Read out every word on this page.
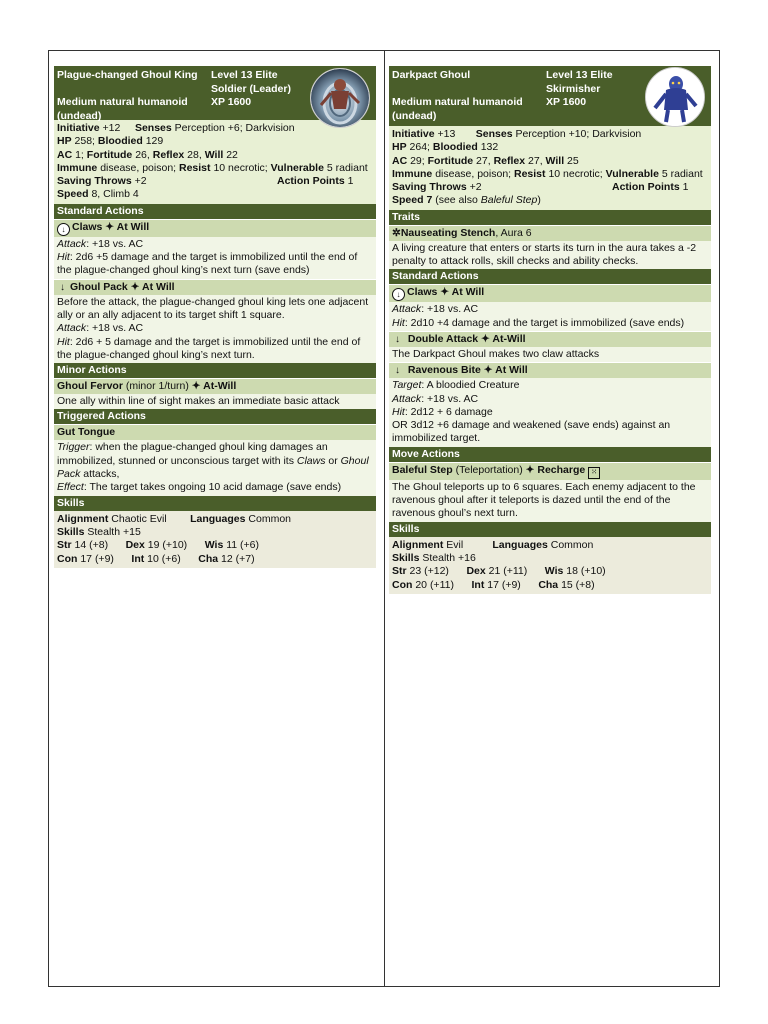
Plague-changed Ghoul King

Medium natural humanoid
(undead)
Level 13 Elite
Soldier (Leader)
XP 1600
Initiative +12 Senses Perception +6; Darkvision
HP 258; Bloodied 129
AC 1; Fortitude 26, Reflex 28, Will 22
Immune disease, poison; Resist 10 necrotic; Vulnerable 5 radiant
Saving Throws +2	Action Points 1
Speed 8, Climb 4
Standard Actions
↓ Claws ✦ At Will
Attack: +18 vs. AC
Hit: 2d6 +5 damage and the target is immobilized until the end of the plague-changed ghoul king’s next turn (save ends)
↓ Ghoul Pack ✦ At Will
Before the attack, the plague-changed ghoul king lets one adjacent ally or an ally adjacent to its target shift 1 square.
Attack: +18 vs. AC
Hit: 2d6 + 5 damage and the target is immobilized until the end of the plague-changed ghoul king’s next turn.
Minor Actions
Ghoul Fervor (minor 1/turn) ✦ At-Will
One ally within line of sight makes an immediate basic attack
Triggered Actions
Gut Tongue
Trigger: when the plague-changed ghoul king damages an immobilized, stunned or unconscious target with its Claws or Ghoul Pack attacks,
Effect: The target takes ongoing 10 acid damage (save ends)
Skills
Alignment Chaotic Evil Languages Common
Skills Stealth +15
Str 14 (+8) Dex 19 (+10) Wis 11 (+6)
Con 17 (+9) Int 10 (+6) Cha 12 (+7)
Darkpact Ghoul

Medium natural humanoid
(undead)
Level 13 Elite
Skirmisher
XP 1600
Initiative +13 Senses Perception +10; Darkvision
HP 264; Bloodied 132
AC 29; Fortitude 27, Reflex 27, Will 25
Immune disease, poison; Resist 10 necrotic; Vulnerable 5 radiant
Saving Throws +2	Action Points 1
Speed 7 (see also Baleful Step)
Traits
✲Nauseating Stench, Aura 6
A living creature that enters or starts its turn in the aura takes a -2 penalty to attack rolls, skill checks and ability checks.
Standard Actions
↓ Claws ✦ At Will
Attack: +18 vs. AC
Hit: 2d10 +4 damage and the target is immobilized (save ends)
↓ Double Attack ✦ At-Will
The Darkpact Ghoul makes two claw attacks
↓ Ravenous Bite ✦ At Will
Target: A bloodied Creature
Attack: +18 vs. AC
Hit: 2d12 + 6 damage
OR 3d12 +6 damage and weakened (save ends) against an immobilized target.
Move Actions
Baleful Step (Teleportation) ✦ Recharge ⁙
The Ghoul teleports up to 6 squares. Each enemy adjacent to the ravenous ghoul after it teleports is dazed until the end of the ravenous ghoul’s next turn.
Skills
Alignment Evil	Languages Common
Skills Stealth +16
Str 23 (+12) Dex 21 (+11) Wis 18 (+10)
Con 20 (+11) Int 17 (+9) Cha 15 (+8)
